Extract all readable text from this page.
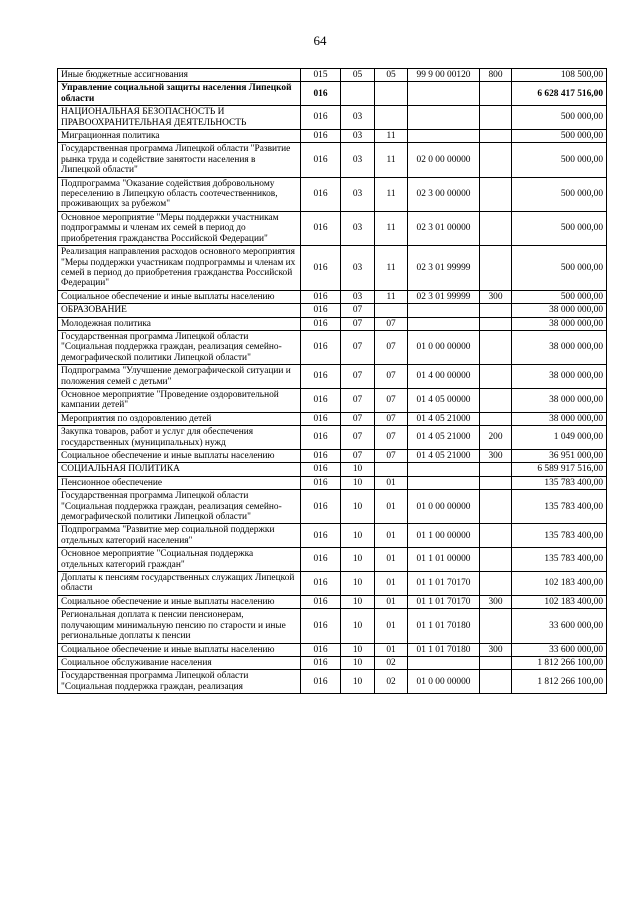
64
Иные бюджетные ассигнования	015	05	05	99 9 00 00120	800	108 500,00
Управление социальной защиты населения Липецкой области	016					6 628 417 516,00
НАЦИОНАЛЬНАЯ БЕЗОПАСНОСТЬ И ПРАВООХРАНИТЕЛЬНАЯ ДЕЯТЕЛЬНОСТЬ	016	03				500 000,00
Миграционная политика	016	03	11			500 000,00
Государственная программа Липецкой области "Развитие рынка труда и содействие занятости населения в Липецкой области"	016	03	11	02 0 00 00000		500 000,00
Подпрограмма "Оказание содействия добровольному переселению в Липецкую область соотечественников, проживающих за рубежом"	016	03	11	02 3 00 00000		500 000,00
Основное мероприятие "Меры поддержки участникам подпрограммы и членам их семей в период до приобретения гражданства Российской Федерации"	016	03	11	02 3 01 00000		500 000,00
Реализация направления расходов основного мероприятия "Меры поддержки участникам подпрограммы и членам их семей в период до приобретения гражданства Российской Федерации"	016	03	11	02 3 01 99999		500 000,00
Социальное обеспечение и иные выплаты населению	016	03	11	02 3 01 99999	300	500 000,00
ОБРАЗОВАНИЕ	016	07				38 000 000,00
Молодежная политика	016	07	07			38 000 000,00
Государственная программа Липецкой области "Социальная поддержка граждан, реализация семейно-демографической политики Липецкой области"	016	07	07	01 0 00 00000		38 000 000,00
Подпрограмма "Улучшение демографической ситуации и положения семей с детьми"	016	07	07	01 4 00 00000		38 000 000,00
Основное мероприятие "Проведение оздоровительной кампании детей"	016	07	07	01 4 05 00000		38 000 000,00
Мероприятия по оздоровлению детей	016	07	07	01 4 05 21000		38 000 000,00
Закупка товаров, работ и услуг для обеспечения государственных (муниципальных) нужд	016	07	07	01 4 05 21000	200	1 049 000,00
Социальное обеспечение и иные выплаты населению	016	07	07	01 4 05 21000	300	36 951 000,00
СОЦИАЛЬНАЯ ПОЛИТИКА	016	10				6 589 917 516,00
Пенсионное обеспечение	016	10	01			135 783 400,00
Государственная программа Липецкой области "Социальная поддержка граждан, реализация семейно-демографической политики Липецкой области"	016	10	01	01 0 00 00000		135 783 400,00
Подпрограмма "Развитие мер социальной поддержки отдельных категорий населения"	016	10	01	01 1 00 00000		135 783 400,00
Основное мероприятие "Социальная поддержка отдельных категорий граждан"	016	10	01	01 1 01 00000		135 783 400,00
Доплаты к пенсиям государственных служащих Липецкой области	016	10	01	01 1 01 70170		102 183 400,00
Социальное обеспечение и иные выплаты населению	016	10	01	01 1 01 70170	300	102 183 400,00
Региональная доплата к пенсии пенсионерам, получающим минимальную пенсию по старости и иные региональные доплаты к пенсии	016	10	01	01 1 01 70180		33 600 000,00
Социальное обеспечение и иные выплаты населению	016	10	01	01 1 01 70180	300	33 600 000,00
Социальное обслуживание населения	016	10	02			1 812 266 100,00
Государственная программа Липецкой области "Социальная поддержка граждан, реализация	016	10	02	01 0 00 00000		1 812 266 100,00
